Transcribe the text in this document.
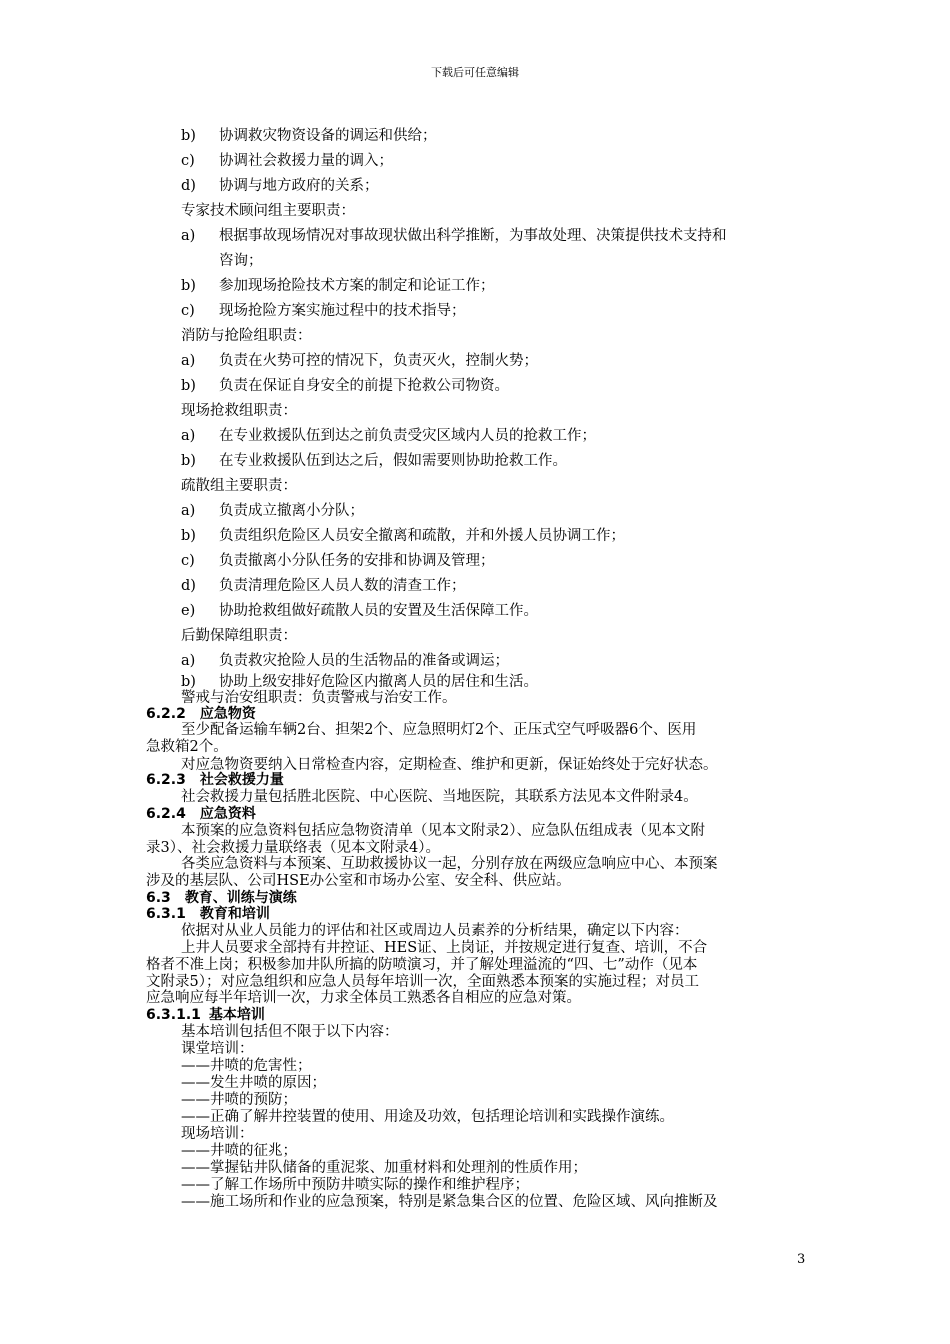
下载后可任意编辑
b) 协调救灾物资设备的调运和供给；
c) 协调社会救援力量的调入；
d) 协调与地方政府的关系；
专家技术顾问组主要职责：
a) 根据事故现场情况对事故现状做出科学推断，为事故处理、决策提供技术支持和
咨询；
b) 参加现场抢险技术方案的制定和论证工作；
c) 现场抢险方案实施过程中的技术指导；
消防与抢险组职责：
a) 负责在火势可控的情况下，负责灭火，控制火势；
b) 负责在保证自身安全的前提下抢救公司物资。
现场抢救组职责：
a) 在专业救援队伍到达之前负责受灾区域内人员的抢救工作；
b) 在专业救援队伍到达之后，假如需要则协助抢救工作。
疏散组主要职责：
a) 负责成立撤离小分队；
b) 负责组织危险区人员安全撤离和疏散，并和外援人员协调工作；
c) 负责撤离小分队任务的安排和协调及管理；
d) 负责清理危险区人员人数的清查工作；
e) 协助抢救组做好疏散人员的安置及生活保障工作。
后勤保障组职责：
a) 负责救灾抢险人员的生活物品的准备或调运；
b) 协助上级安排好危险区内撤离人员的居住和生活。
警戒与治安组职责：负责警戒与治安工作。
6.2.2 应急物资
至少配备运输车辆2台、担架2个、应急照明灯2个、正压式空气呼吸器6个、医用
急救箱2个。
对应急物资要纳入日常检查内容，定期检查、维护和更新，保证始终处于完好状态。
6.2.3 社会救援力量
社会救援力量包括胜北医院、中心医院、当地医院，其联系方法见本文件附录4。
6.2.4 应急资料
本预案的应急资料包括应急物资清单（见本文附录2）、应急队伍组成表（见本文附
录3）、社会救援力量联络表（见本文附录4）。
各类应急资料与本预案、互助救援协议一起，分别存放在两级应急响应中心、本预案
涉及的基层队、公司HSE办公室和市场办公室、安全科、供应站。
6.3 教育、训练与演练
6.3.1 教育和培训
依据对从业人员能力的评估和社区或周边人员素养的分析结果，确定以下内容：
上井人员要求全部持有井控证、HES证、上岗证，并按规定进行复查、培训，不合
格者不准上岗；积极参加井队所搞的防喷演习，并了解处理溢流的“四、七”动作（见本
文附录5）；对应急组织和应急人员每年培训一次，全面熟悉本预案的实施过程；对员工
应急响应每半年培训一次，力求全体员工熟悉各自相应的应急对策。
6.3.1.1 基本培训
基本培训包括但不限于以下内容：
课堂培训：
——井喷的危害性；
——发生井喷的原因；
——井喷的预防；
——正确了解井控装置的使用、用途及功效，包括理论培训和实践操作演练。
现场培训：
——井喷的征兆；
——掌握钻井队储备的重泥浆、加重材料和处理剂的性质作用；
——了解工作场所中预防井喷实际的操作和维护程序；
——施工场所和作业的应急预案，特别是紧急集合区的位置、危险区域、风向推断及
3
